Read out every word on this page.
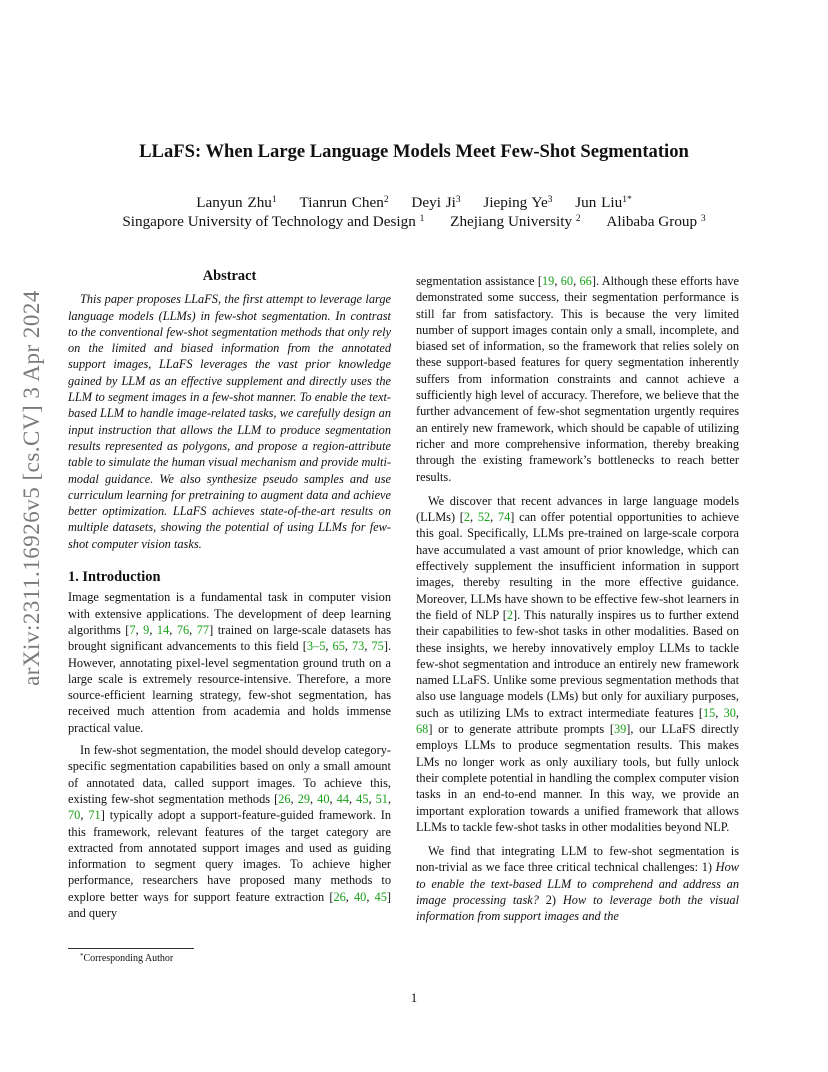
arXiv:2311.16926v5 [cs.CV] 3 Apr 2024
LLaFS: When Large Language Models Meet Few-Shot Segmentation
Lanyun Zhu$^1$ Tianrun Chen$^2$ Deyi Ji$^3$ Jieping Ye$^3$ Jun Liu$^{1*}$
Singapore University of Technology and Design $^1$ Zhejiang University $^2$ Alibaba Group $^3$
Abstract

This paper proposes LLaFS, the first attempt to leverage large language models (LLMs) in few-shot segmentation. In contrast to the conventional few-shot segmentation methods that only rely on the limited and biased information from the annotated support images, LLaFS leverages the vast prior knowledge gained by LLM as an effective supplement and directly uses the LLM to segment images in a few-shot manner. To enable the text-based LLM to handle image-related tasks, we carefully design an input instruction that allows the LLM to produce segmentation results represented as polygons, and propose a region-attribute table to simulate the human visual mechanism and provide multi-modal guidance. We also synthesize pseudo samples and use curriculum learning for pretraining to augment data and achieve better optimization. LLaFS achieves state-of-the-art results on multiple datasets, showing the potential of using LLMs for few-shot computer vision tasks.

1. Introduction

Image segmentation is a fundamental task in computer vision with extensive applications. The development of deep learning algorithms [7, 9, 14, 76, 77] trained on large-scale datasets has brought significant advancements to this field [3–5, 65, 73, 75]. However, annotating pixel-level segmentation ground truth on a large scale is extremely resource-intensive. Therefore, a more source-efficient learning strategy, few-shot segmentation, has received much attention from academia and holds immense practical value.

In few-shot segmentation, the model should develop category-specific segmentation capabilities based on only a small amount of annotated data, called support images. To achieve this, existing few-shot segmentation methods [26, 29, 40, 44, 45, 51, 70, 71] typically adopt a support-feature-guided framework. In this framework, relevant features of the target category are extracted from annotated support images and used as guiding information to segment query images. To achieve higher performance, researchers have proposed many methods to explore better ways for support feature extraction [26, 40, 45] and query

segmentation assistance [19, 60, 66]. Although these efforts have demonstrated some success, their segmentation performance is still far from satisfactory. This is because the very limited number of support images contain only a small, incomplete, and biased set of information, so the framework that relies solely on these support-based features for query segmentation inherently suffers from information constraints and cannot achieve a sufficiently high level of accuracy. Therefore, we believe that the further advancement of few-shot segmentation urgently requires an entirely new framework, which should be capable of utilizing richer and more comprehensive information, thereby breaking through the existing framework’s bottlenecks to reach better results.

We discover that recent advances in large language models (LLMs) [2, 52, 74] can offer potential opportunities to achieve this goal. Specifically, LLMs pre-trained on large-scale corpora have accumulated a vast amount of prior knowledge, which can effectively supplement the insufficient information in support images, thereby resulting in the more effective guidance. Moreover, LLMs have shown to be effective few-shot learners in the field of NLP [2]. This naturally inspires us to further extend their capabilities to few-shot tasks in other modalities. Based on these insights, we hereby innovatively employ LLMs to tackle few-shot segmentation and introduce an entirely new framework named LLaFS. Unlike some previous segmentation methods that also use language models (LMs) but only for auxiliary purposes, such as utilizing LMs to extract intermediate features [15, 30, 68] or to generate attribute prompts [39], our LLaFS directly employs LLMs to produce segmentation results. This makes LMs no longer work as only auxiliary tools, but fully unlock their complete potential in handling the complex computer vision tasks in an end-to-end manner. In this way, we provide an important exploration towards a unified framework that allows LLMs to tackle few-shot tasks in other modalities beyond NLP.

We find that integrating LLM to few-shot segmentation is non-trivial as we face three critical technical challenges: 1) How to enable the text-based LLM to comprehend and address an image processing task? 2) How to leverage both the visual information from support images and the

*Corresponding Author
1
